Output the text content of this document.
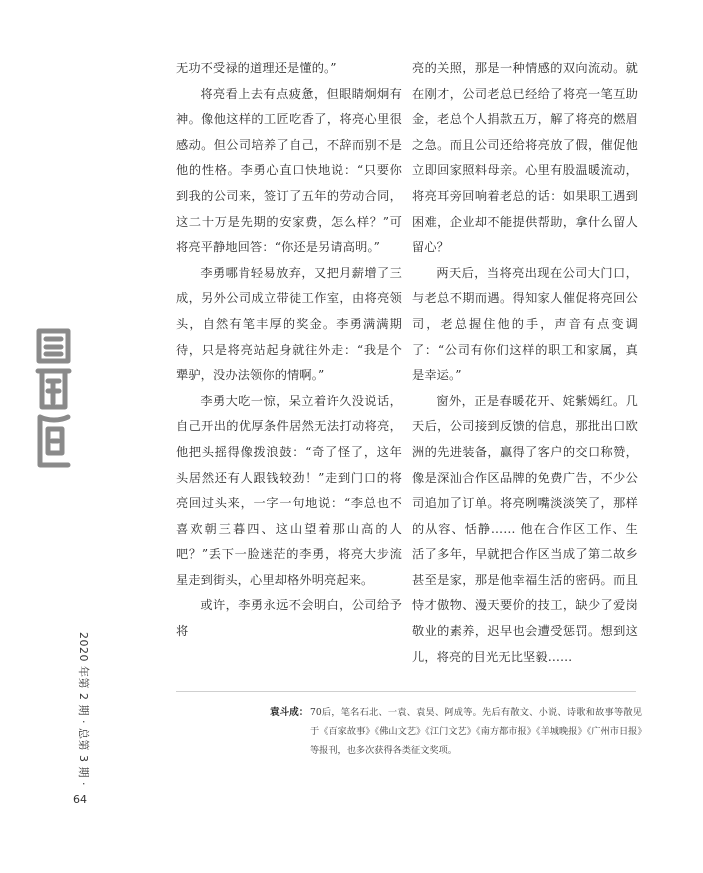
无功不受禄的道理还是懂的。”

将亮看上去有点疲惫，但眼睛炯炯有神。像他这样的工匠吃香了，将亮心里很感动。但公司培养了自己，不辞而别不是他的性格。李勇心直口快地说：“只要你到我的公司来，签订了五年的劳动合同，这二十万是先期的安家费，怎么样？”可将亮平静地回答：“你还是另请高明。”

李勇哪肯轻易放弃，又把月薪增了三成，另外公司成立带徒工作室，由将亮领头，自然有笔丰厚的奖金。李勇满满期待，只是将亮站起身就往外走：“我是个犟驴，没办法领你的情啊。”

李勇大吃一惊，呆立着许久没说话，自己开出的优厚条件居然无法打动将亮，他把头摇得像拨浪鼓：“奇了怪了，这年头居然还有人跟钱较劲！”走到门口的将亮回过头来，一字一句地说：“李总也不喜欢朝三暮四、这山望着那山高的人吧？”丢下一脸迷茫的李勇，将亮大步流星走到街头，心里却格外明亮起来。

或许，李勇永远不会明白，公司给予将

亮的关照，那是一种情感的双向流动。就在刚才，公司老总已经给了将亮一笔互助金，老总个人捐款五万，解了将亮的燃眉之急。而且公司还给将亮放了假，催促他立即回家照料母亲。心里有股温暖流动，将亮耳旁回响着老总的话：如果职工遇到困难，企业却不能提供帮助，拿什么留人留心？

两天后，当将亮出现在公司大门口，与老总不期而遇。得知家人催促将亮回公司，老总握住他的手，声音有点变调了：“公司有你们这样的职工和家属，真是幸运。”

窗外，正是春暖花开、姹紫嫣红。几天后，公司接到反馈的信息，那批出口欧洲的先进装备，赢得了客户的交口称赞，像是深汕合作区品牌的免费广告，不少公司追加了订单。将亮咧嘴淡淡笑了，那样的从容、恬静…… 他在合作区工作、生活了多年，早就把合作区当成了第二故乡甚至是家，那是他幸福生活的密码。而且恃才傲物、漫天要价的技工，缺少了爱岗敬业的素养，迟早也会遭受惩罚。想到这儿，将亮的目光无比坚毅……

2020 年第 2 期 · 总第 3 期 ·
64
袁斗成： 70后，笔名石北、一袁、袁昊、阿成等。先后有散文、小说、诗歌和故事等散见于《百家故事》《佛山文艺》《江门文艺》《南方都市报》《羊城晚报》《广州市日报》等报刊，也多次获得各类征文奖项。
